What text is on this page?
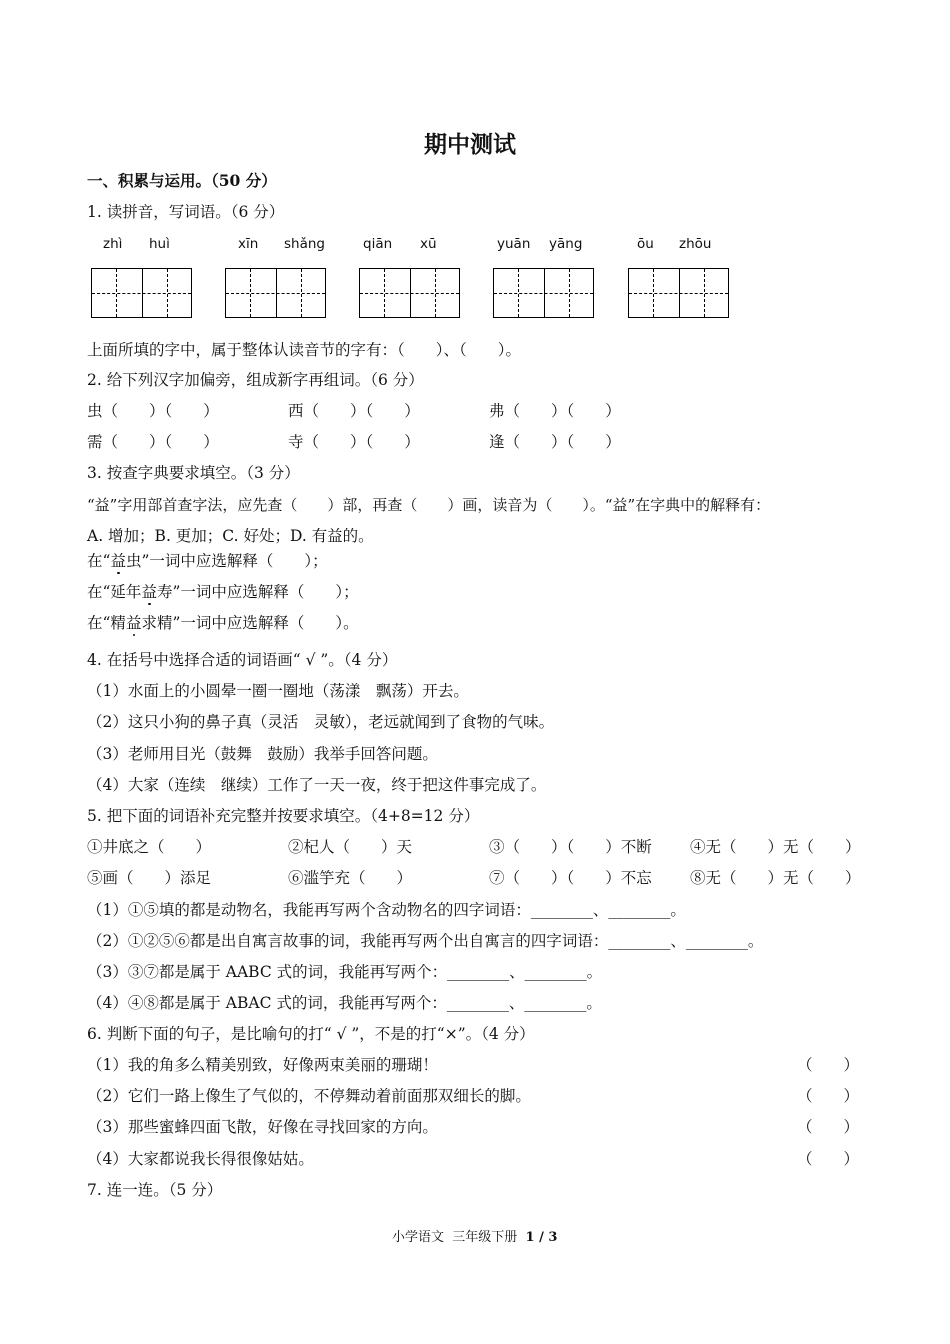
期中测试
一、积累与运用。（50 分）
1. 读拼音，写词语。（6 分）
zhì huì	xīn shǎng	qiān xū	yuān yāng	ōu zhōu
上面所填的字中，属于整体认读音节的字有：（　　）、（　　）。
2. 给下列汉字加偏旁，组成新字再组词。（6 分）
虫（　　）（　　）	西（　　）（　　）	弗（　　）（　　）
需（　　）（　　）	寺（　　）（　　）	逢（　　）（　　）
3. 按查字典要求填空。（3 分）
“益”字用部首查字法，应先查（　　）部，再查（　　）画，读音为（　　）。“益”在字典中的解释有：
A. 增加；B. 更加；C. 好处；D. 有益的。
在“益虫”一词中应选解释（　　）；
在“延年益寿”一词中应选解释（　　）；
在“精益求精”一词中应选解释（　　）。
4. 在括号中选择合适的词语画“ √ ”。（4 分）
（1）水面上的小圆晕一圈一圈地（荡漾　飘荡）开去。
（2）这只小狗的鼻子真（灵活　灵敏），老远就闻到了食物的气味。
（3）老师用目光（鼓舞　鼓励）我举手回答问题。
（4）大家（连续　继续）工作了一天一夜，终于把这件事完成了。
5. 把下面的词语补充完整并按要求填空。（4+8=12 分）
①井底之（　　）	②杞人（　　）天	③（　　）（　　）不断 ④无（　　）无（　　）
⑤画（　　）添足	⑥滥竽充（　　）	⑦（　　）（　　）不忘 ⑧无（　　）无（　　）
（1）①⑤填的都是动物名，我能再写两个含动物名的四字词语：________、________。
（2）①②⑤⑥都是出自寓言故事的词，我能再写两个出自寓言的四字词语：________、________。
（3）③⑦都是属于 AABC 式的词，我能再写两个：________、________。
（4）④⑧都是属于 ABAC 式的词，我能再写两个：________、________。
6. 判断下面的句子，是比喻句的打“ √ ”，不是的打“×”。（4 分）
（1）我的角多么精美别致，好像两束美丽的珊瑚！	（　　）
（2）它们一路上像生了气似的，不停舞动着前面那双细长的脚。	（　　）
（3）那些蜜蜂四面飞散，好像在寻找回家的方向。	（　　）
（4）大家都说我长得很像姑姑。	（　　）
7. 连一连。（5 分）
小学语文  三年级下册  1 / 3
